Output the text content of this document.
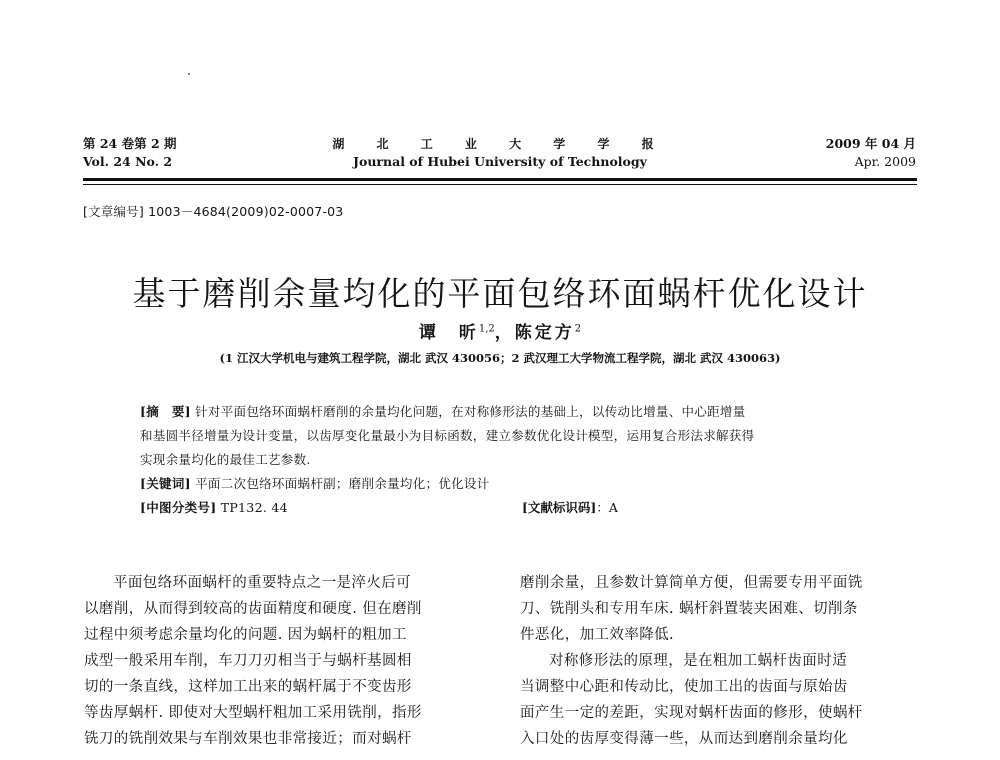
第 24 卷第 2 期
Vol. 24 No. 2
湖 北 工 业 大 学 学 报
Journal of Hubei University of Technology
2009 年 04 月
Apr. 2009
[文章编号] 1003－4684(2009)02-0007-03
基于磨削余量均化的平面包络环面蜗杆优化设计
谭　昕$^{1,2}$，陈定方$^2$
(1 江汉大学机电与建筑工程学院，湖北 武汉 430056；2 武汉理工大学物流工程学院，湖北 武汉 430063)
[摘　要] 针对平面包络环面蜗杆磨削的余量均化问题，在对称修形法的基础上，以传动比增量、中心距增量
和基圆半径增量为设计变量，以齿厚变化量最小为目标函数，建立参数优化设计模型，运用复合形法求解获得
实现余量均化的最佳工艺参数.
[关键词] 平面二次包络环面蜗杆副；磨削余量均化；优化设计
[中图分类号] TP132. 44	[文献标识码]：A

平面包络环面蜗杆的重要特点之一是淬火后可

以磨削，从而得到较高的齿面精度和硬度. 但在磨削

过程中须考虑余量均化的问题. 因为蜗杆的粗加工

成型一般采用车削，车刀刀刃相当于与蜗杆基圆相

切的一条直线，这样加工出来的蜗杆属于不变齿形

等齿厚蜗杆. 即使对大型蜗杆粗加工采用铣削，指形

铣刀的铣削效果与车削效果也非常接近；而对蜗杆

磨削余量，且参数计算简单方便，但需要专用平面铣

刀、铣削头和专用车床. 蜗杆斜置装夹困难、切削条

件恶化，加工效率降低.

对称修形法的原理，是在粗加工蜗杆齿面时适

当调整中心距和传动比，使加工出的齿面与原始齿

面产生一定的差距，实现对蜗杆齿面的修形，使蜗杆

入口处的齿厚变得薄一些，从而达到磨削余量均化
